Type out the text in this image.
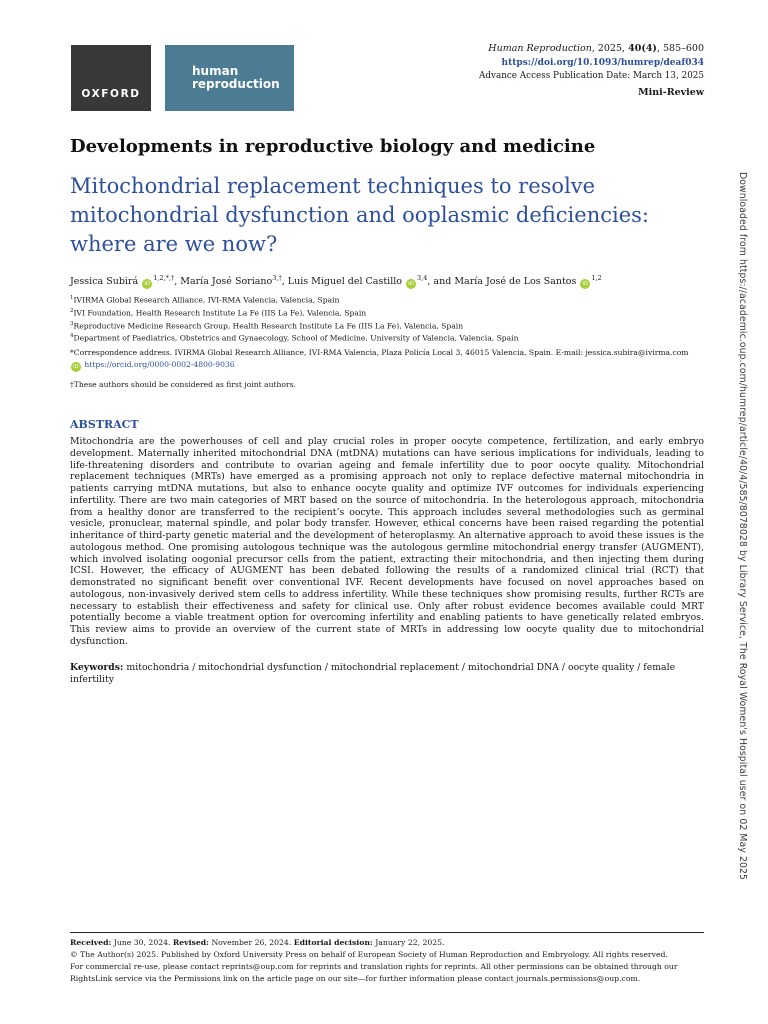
OXFORD
human
reproduction
Human Reproduction, 2025, 40(4), 585–600
https://doi.org/10.1093/humrep/deaf034
Advance Access Publication Date: March 13, 2025
Mini-Review
Developments in reproductive biology and medicine
Mitochondrial replacement techniques to resolve mitochondrial dysfunction and ooplasmic deficiencies: where are we now?
Jessica Subirá $iD^{1,2,*,\dagger}$, María José Soriano$^{3,\dagger}$, Luis Miguel del Castillo iD$^{3,4}$, and María José de Los Santos iD$^{1,2}$
$^1$IVIRMA Global Research Alliance, IVI-RMA Valencia, Valencia, Spain
$^2$IVI Foundation, Health Research Institute La Fe (IIS La Fe), Valencia, Spain
$^3$Reproductive Medicine Research Group, Health Research Institute La Fe (IIS La Fe), Valencia, Spain
$^4$Department of Paediatrics, Obstetrics and Gynaecology, School of Medicine, University of Valencia, Valencia, Spain
*Correspondence address. IVIRMA Global Research Alliance, IVI-RMA Valencia, Plaza Policía Local 3, 46015 Valencia, Spain. E-mail: jessica.subira@ivirma.com
iD https://orcid.org/0000-0002-4800-9036
†These authors should be considered as first joint authors.
ABSTRACT
Mitochondria are the powerhouses of cell and play crucial roles in proper oocyte competence, fertilization, and early embryo development. Maternally inherited mitochondrial DNA (mtDNA) mutations can have serious implications for individuals, leading to life-threatening disorders and contribute to ovarian ageing and female infertility due to poor oocyte quality. Mitochondrial replacement techniques (MRTs) have emerged as a promising approach not only to replace defective maternal mitochondria in patients carrying mtDNA mutations, but also to enhance oocyte quality and optimize IVF outcomes for individuals experiencing infertility. There are two main categories of MRT based on the source of mitochondria. In the heterologous approach, mitochondria from a healthy donor are transferred to the recipient’s oocyte. This approach includes several methodologies such as germinal vesicle, pronuclear, maternal spindle, and polar body transfer. However, ethical concerns have been raised regarding the potential inheritance of third-party genetic material and the development of heteroplasmy. An alternative approach to avoid these issues is the autologous method. One promising autologous technique was the autologous germline mitochondrial energy transfer (AUGMENT), which involved isolating oogonial precursor cells from the patient, extracting their mitochondria, and then injecting them during ICSI. However, the efficacy of AUGMENT has been debated following the results of a randomized clinical trial (RCT) that demonstrated no significant benefit over conventional IVF. Recent developments have focused on novel approaches based on autologous, non-invasively derived stem cells to address infertility. While these techniques show promising results, further RCTs are necessary to establish their effectiveness and safety for clinical use. Only after robust evidence becomes available could MRT potentially become a viable treatment option for overcoming infertility and enabling patients to have genetically related embryos. This review aims to provide an overview of the current state of MRTs in addressing low oocyte quality due to mitochondrial dysfunction.
Keywords: mitochondria / mitochondrial dysfunction / mitochondrial replacement / mitochondrial DNA / oocyte quality / female infertility
Received: June 30, 2024. Revised: November 26, 2024. Editorial decision: January 22, 2025.
© The Author(s) 2025. Published by Oxford University Press on behalf of European Society of Human Reproduction and Embryology. All rights reserved.
For commercial re-use, please contact reprints@oup.com for reprints and translation rights for reprints. All other permissions can be obtained through our
RightsLink service via the Permissions link on the article page on our site—for further information please contact journals.permissions@oup.com.
Downloaded from https://academic.oup.com/humrep/article/40/4/585/8078028 by Library Service, The Royal Women's Hospital user on 02 May 2025
